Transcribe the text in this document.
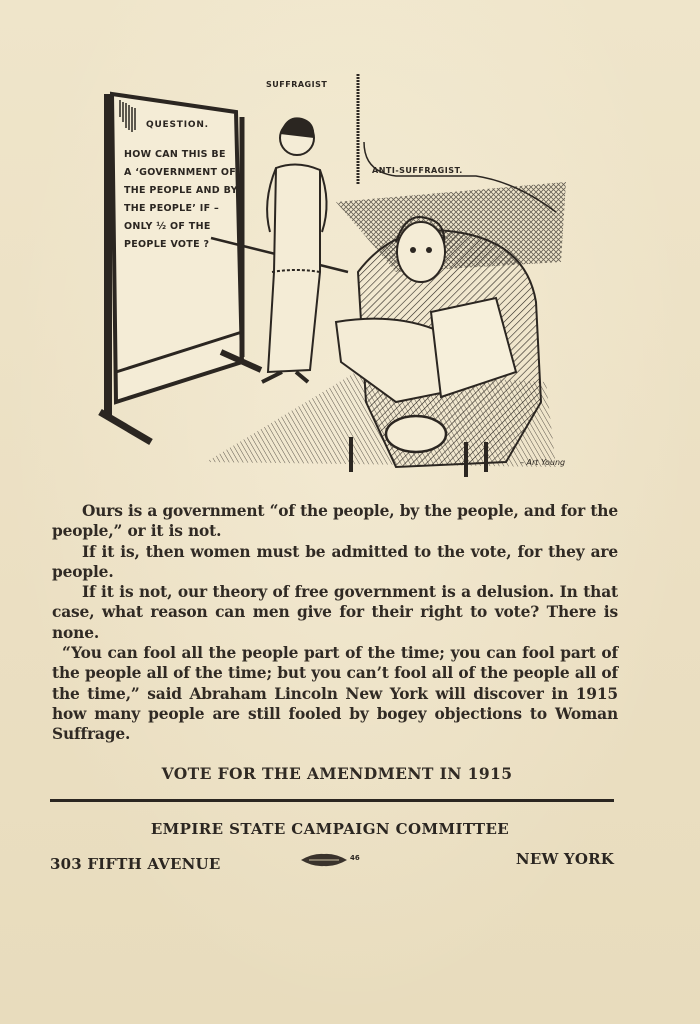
SUFFRAGIST
ANTI-SUFFRAGIST.
QUESTION.
HOW CAN THIS BE
A ‘GOVERNMENT OF
THE PEOPLE AND BY
THE PEOPLE’ IF –
ONLY ½ OF THE
PEOPLE VOTE ?
– Art Young

Ours is a government “of the people, by the people, and for the people,” or it is not.

If it is, then women must be admitted to the vote, for they are people.

If it is not, our theory of free government is a delusion. In that case, what reason can men give for their right to vote? There is none.

“You can fool all the people part of the time; you can fool part of the people all of the time; but you can’t fool all of the people all of the time,” said Abraham Lincoln New York will discover in 1915 how many people are still fooled by bogey objections to Woman Suffrage.

VOTE FOR THE AMENDMENT IN 1915
EMPIRE STATE CAMPAIGN COMMITTEE
303 FIFTH AVENUE	46	NEW YORK
